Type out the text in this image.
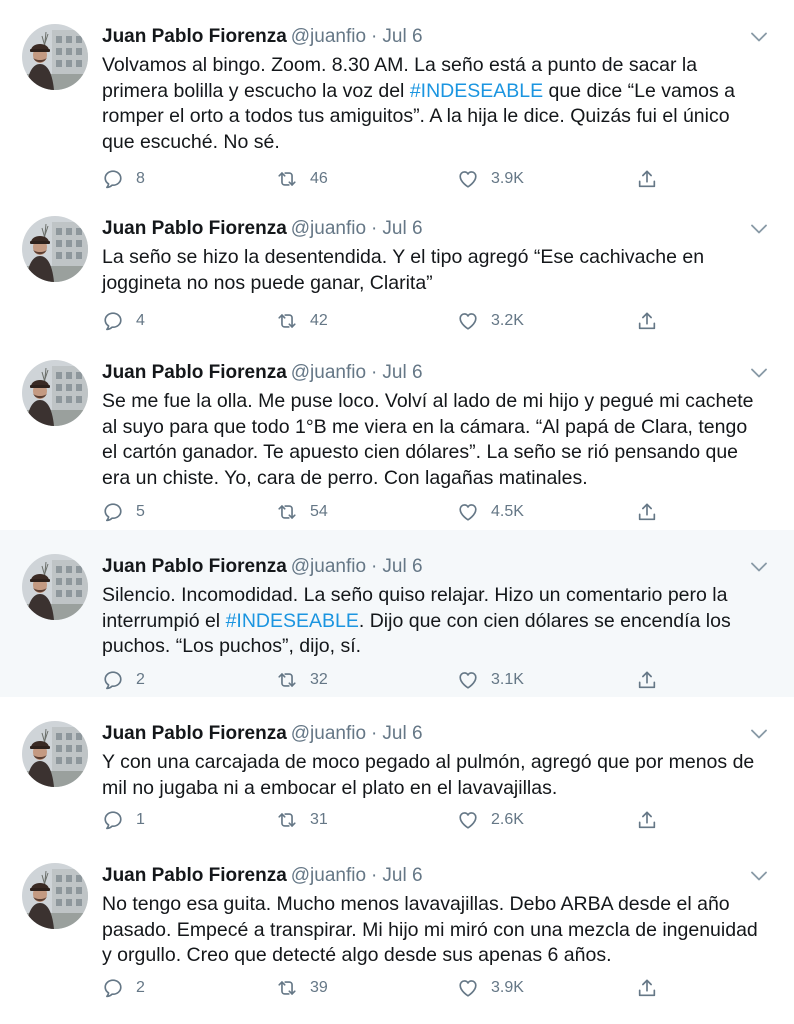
Juan Pablo Fiorenza @juanfio · Jul 6

Volvamos al bingo. Zoom. 8.30 AM. La seño está a punto de sacar la primera bolilla y escucho la voz del #INDESEABLE que dice “Le vamos a romper el orto a todos tus amiguitos”. A la hija le dice. Quizás fui el único que escuché. No sé.

8	46	3.9K
Juan Pablo Fiorenza @juanfio · Jul 6

La seño se hizo la desentendida. Y el tipo agregó “Ese cachivache en joggineta no nos puede ganar, Clarita”

4	42	3.2K
Juan Pablo Fiorenza @juanfio · Jul 6

Se me fue la olla. Me puse loco. Volví al lado de mi hijo y pegué mi cachete al suyo para que todo 1°B me viera en la cámara. “Al papá de Clara, tengo el cartón ganador. Te apuesto cien dólares”. La seño se rió pensando que era un chiste. Yo, cara de perro. Con lagañas matinales.

5	54	4.5K
Juan Pablo Fiorenza @juanfio · Jul 6

Silencio. Incomodidad. La seño quiso relajar. Hizo un comentario pero la interrumpió el #INDESEABLE. Dijo que con cien dólares se encendía los puchos. “Los puchos”, dijo, sí.

2	32	3.1K
Juan Pablo Fiorenza @juanfio · Jul 6

Y con una carcajada de moco pegado al pulmón, agregó que por menos de mil no jugaba ni a embocar el plato en el lavavajillas.

1	31	2.6K
Juan Pablo Fiorenza @juanfio · Jul 6

No tengo esa guita. Mucho menos lavavajillas. Debo ARBA desde el año pasado. Empecé a transpirar. Mi hijo mi miró con una mezcla de ingenuidad y orgullo. Creo que detecté algo desde sus apenas 6 años.

2	39	3.9K
